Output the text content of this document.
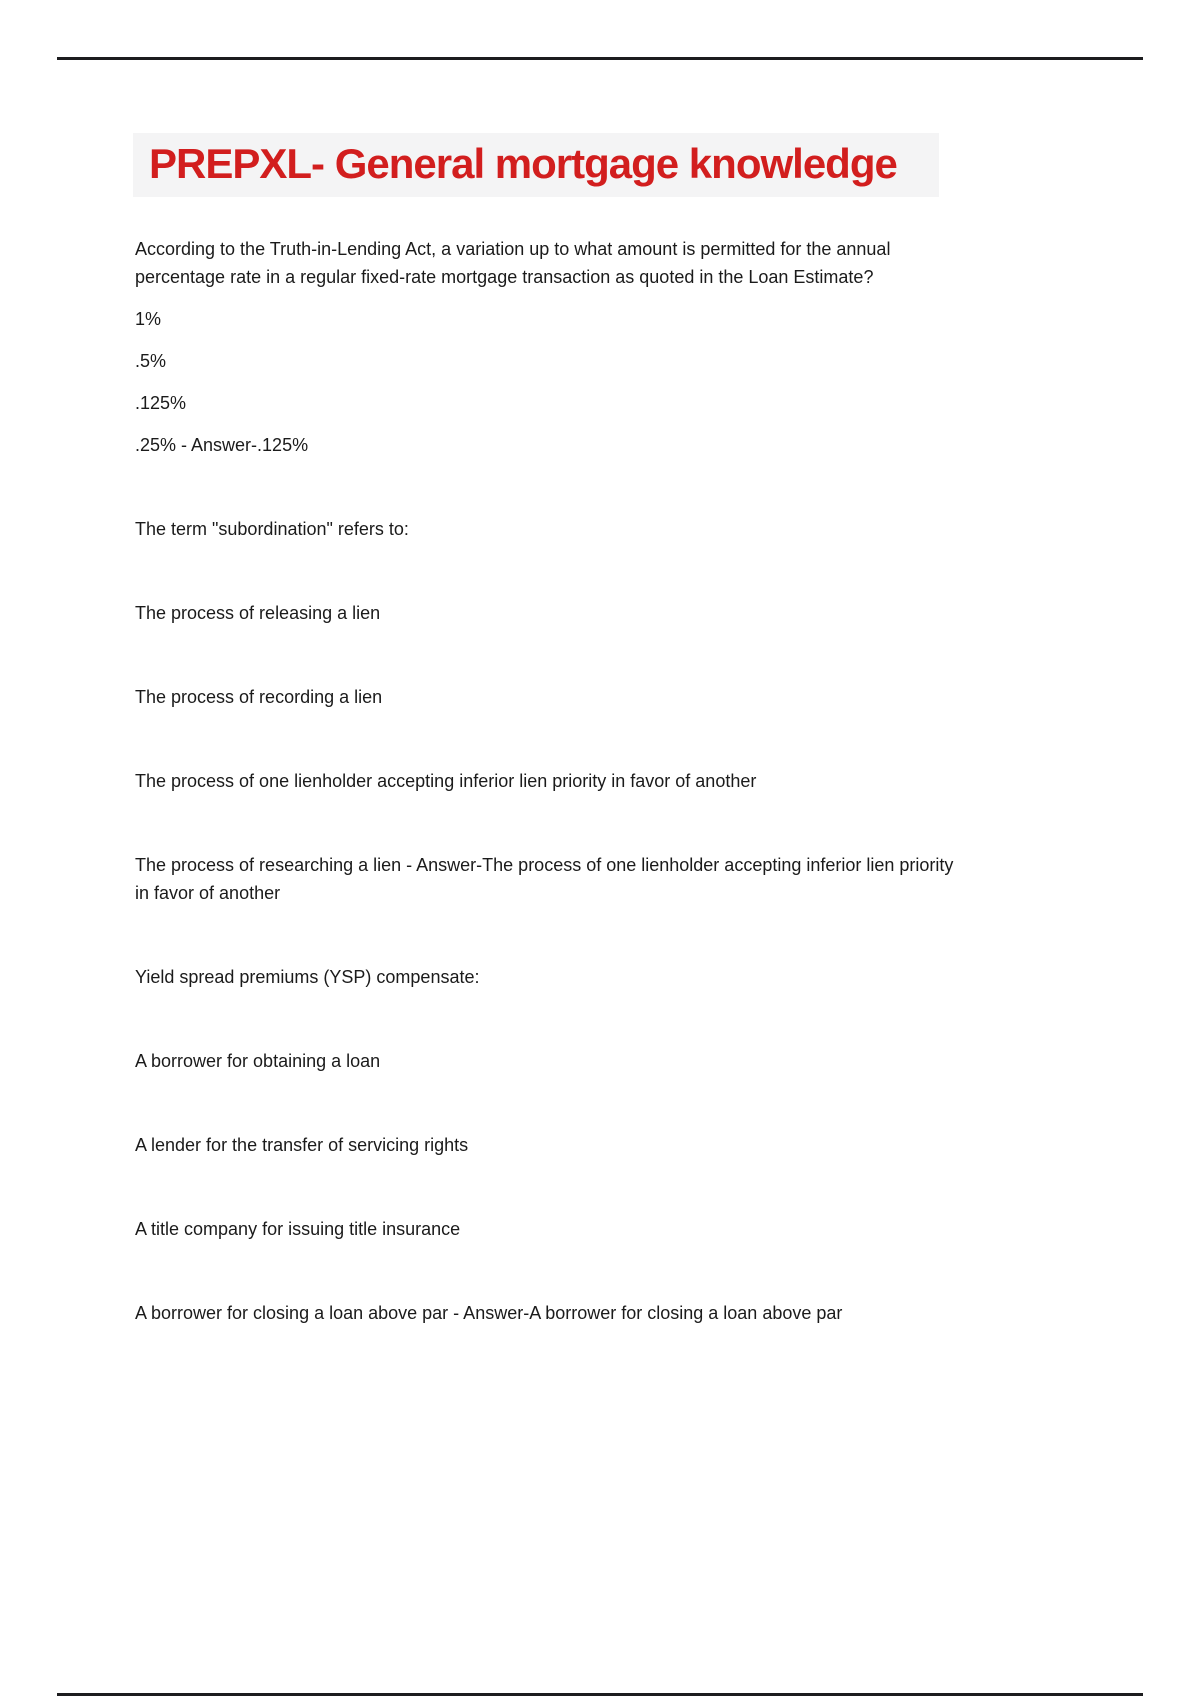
PREPXL- General mortgage knowledge

According to the Truth-in-Lending Act, a variation up to what amount is permitted for the annual
percentage rate in a regular fixed-rate mortgage transaction as quoted in the Loan Estimate?

1%

.5%

.125%

.25% - Answer-.125%

The term "subordination" refers to:

The process of releasing a lien

The process of recording a lien

The process of one lienholder accepting inferior lien priority in favor of another

The process of researching a lien - Answer-The process of one lienholder accepting inferior lien priority
in favor of another

Yield spread premiums (YSP) compensate:

A borrower for obtaining a loan

A lender for the transfer of servicing rights

A title company for issuing title insurance

A borrower for closing a loan above par - Answer-A borrower for closing a loan above par
